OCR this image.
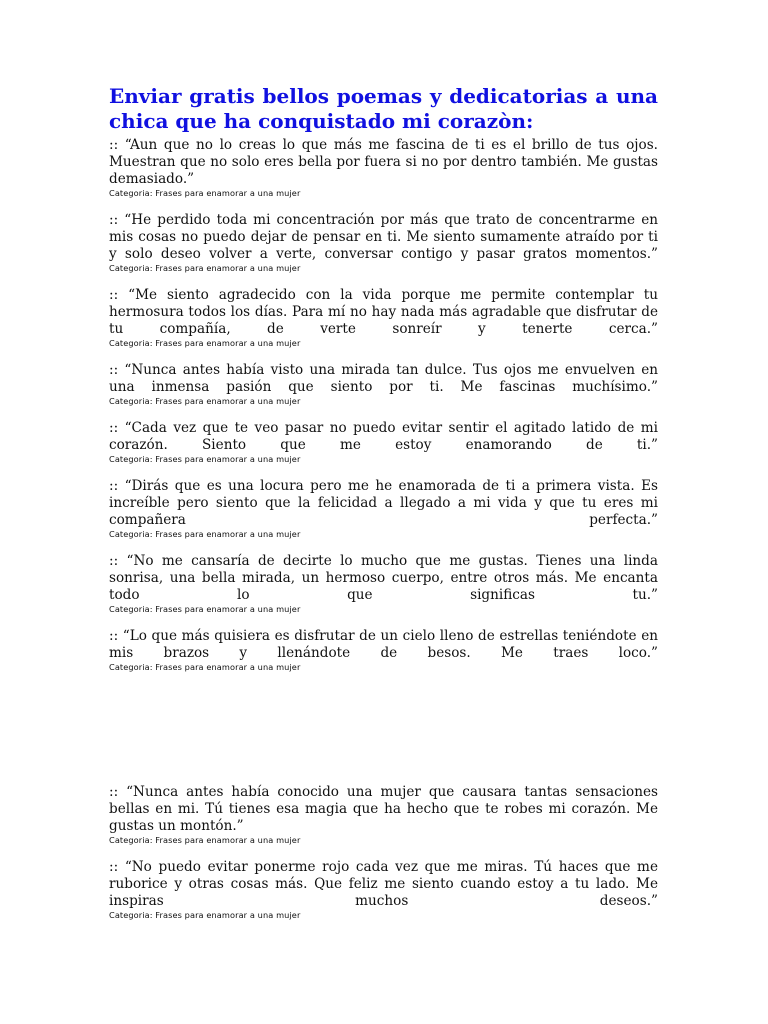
Enviar gratis bellos poemas y dedicatorias a una chica que ha conquistado mi corazòn:
:: “Aun que no lo creas lo que más me fascina de ti es el brillo de tus ojos. Muestran que no solo eres bella por fuera si no por dentro también. Me gustas demasiado.”
Categoria: Frases para enamorar a una mujer
:: “He perdido toda mi concentración por más que trato de concentrarme en mis cosas no puedo dejar de pensar en ti. Me siento sumamente atraído por ti y solo deseo volver a verte, conversar contigo y pasar gratos momentos.”
Categoria: Frases para enamorar a una mujer
:: “Me siento agradecido con la vida porque me permite contemplar tu hermosura todos los días. Para mí no hay nada más agradable que disfrutar de tu compañía, de verte sonreír y tenerte cerca.”
Categoria: Frases para enamorar a una mujer
:: “Nunca antes había visto una mirada tan dulce. Tus ojos me envuelven en una inmensa pasión que siento por ti. Me fascinas muchísimo.”
Categoria: Frases para enamorar a una mujer
:: “Cada vez que te veo pasar no puedo evitar sentir el agitado latido de mi corazón. Siento que me estoy enamorando de ti.”
Categoria: Frases para enamorar a una mujer
:: “Dirás que es una locura pero me he enamorada de ti a primera vista. Es increíble pero siento que la felicidad a llegado a mi vida y que tu eres mi compañera perfecta.”
Categoria: Frases para enamorar a una mujer
:: “No me cansaría de decirte lo mucho que me gustas. Tienes una linda sonrisa, una bella mirada, un hermoso cuerpo, entre otros más. Me encanta todo lo que significas tu.”
Categoria: Frases para enamorar a una mujer
:: “Lo que más quisiera es disfrutar de un cielo lleno de estrellas teniéndote en mis brazos y llenándote de besos. Me traes loco.”
Categoria: Frases para enamorar a una mujer
:: “Nunca antes había conocido una mujer que causara tantas sensaciones bellas en mi. Tú tienes esa magia que ha hecho que te robes mi corazón. Me gustas un montón.”
Categoria: Frases para enamorar a una mujer
:: “No puedo evitar ponerme rojo cada vez que me miras. Tú haces que me ruborice y otras cosas más. Que feliz me siento cuando estoy a tu lado. Me inspiras muchos deseos.”
Categoria: Frases para enamorar a una mujer
